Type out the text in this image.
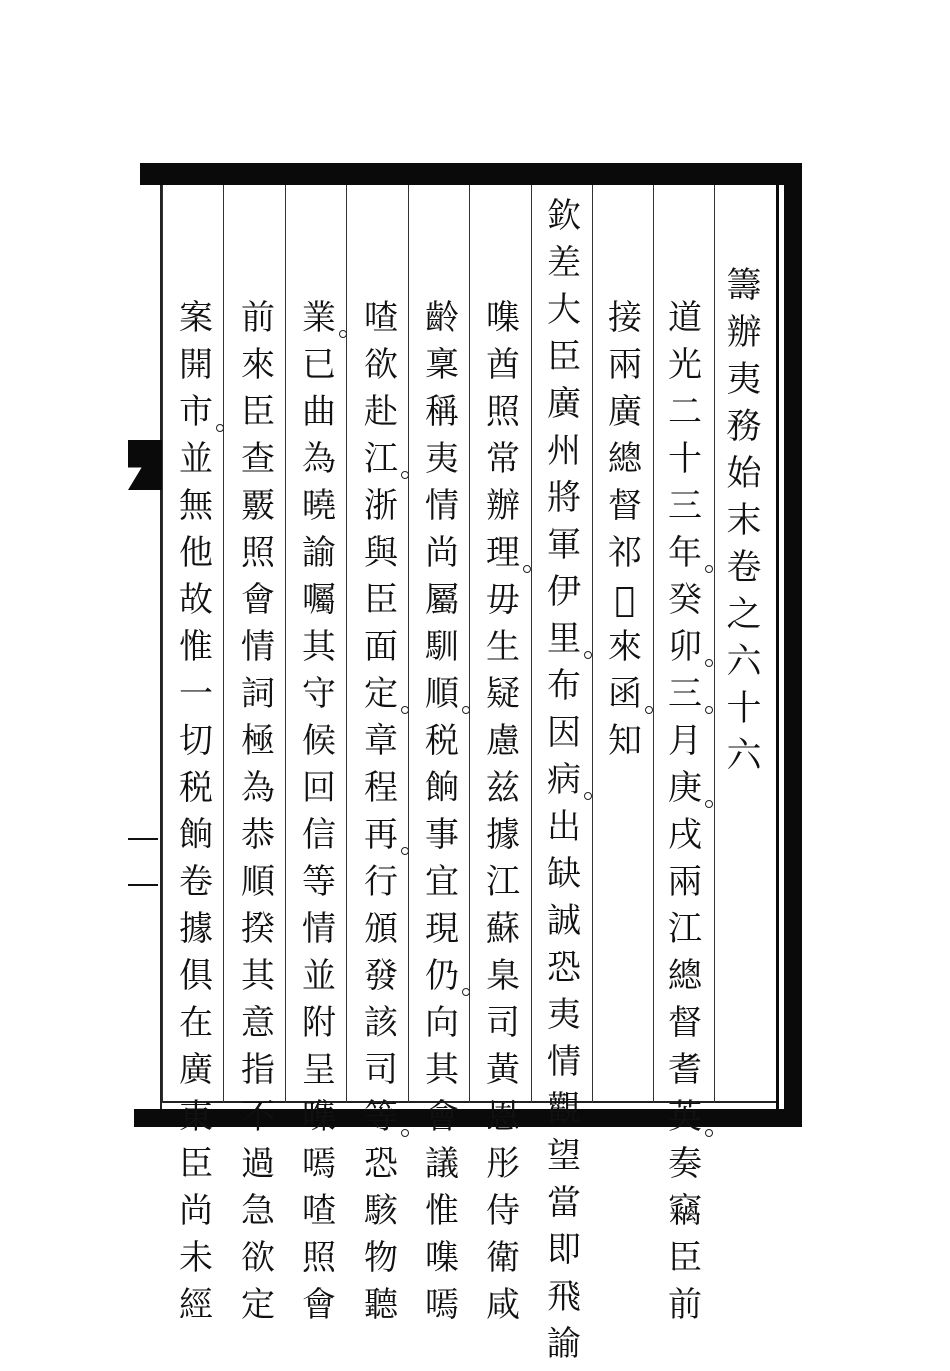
籌
辦
夷
務
始
末
卷
之
六
十
六
道
光
二
十
三
年
癸
卯
三
月
庚
戌
兩
江
總
督
耆
英
奏
竊
臣
前
接
兩
廣
總
督
祁
𡊮
來
函
知
欽
差
大
臣
廣
州
將
軍
伊
里
布
因
病
出
缺
誠
恐
夷
情
觀
望
當
即
飛
諭
㗱
酋
照
常
辦
理
毋
生
疑
慮
兹
據
江
蘇
臬
司
黃
恩
彤
侍
衛
咸
齡
稟
稱
夷
情
尚
屬
馴
順
税
餉
事
宜
現
仍
向
其
會
議
惟
㗱
嘕
喳
欲
赴
江
浙
與
臣
面
定
章
程
再
行
頒
發
該
司
等
恐
駭
物
聽
業
已
曲
為
曉
諭
囑
其
守
候
回
信
等
情
並
附
呈
㗱
嘕
喳
照
會
前
來
臣
查
覈
照
會
情
詞
極
為
恭
順
揆
其
意
指
不
過
急
欲
定
案
開
市
並
無
他
故
惟
一
切
税
餉
卷
據
俱
在
廣
東
臣
尚
未
經
